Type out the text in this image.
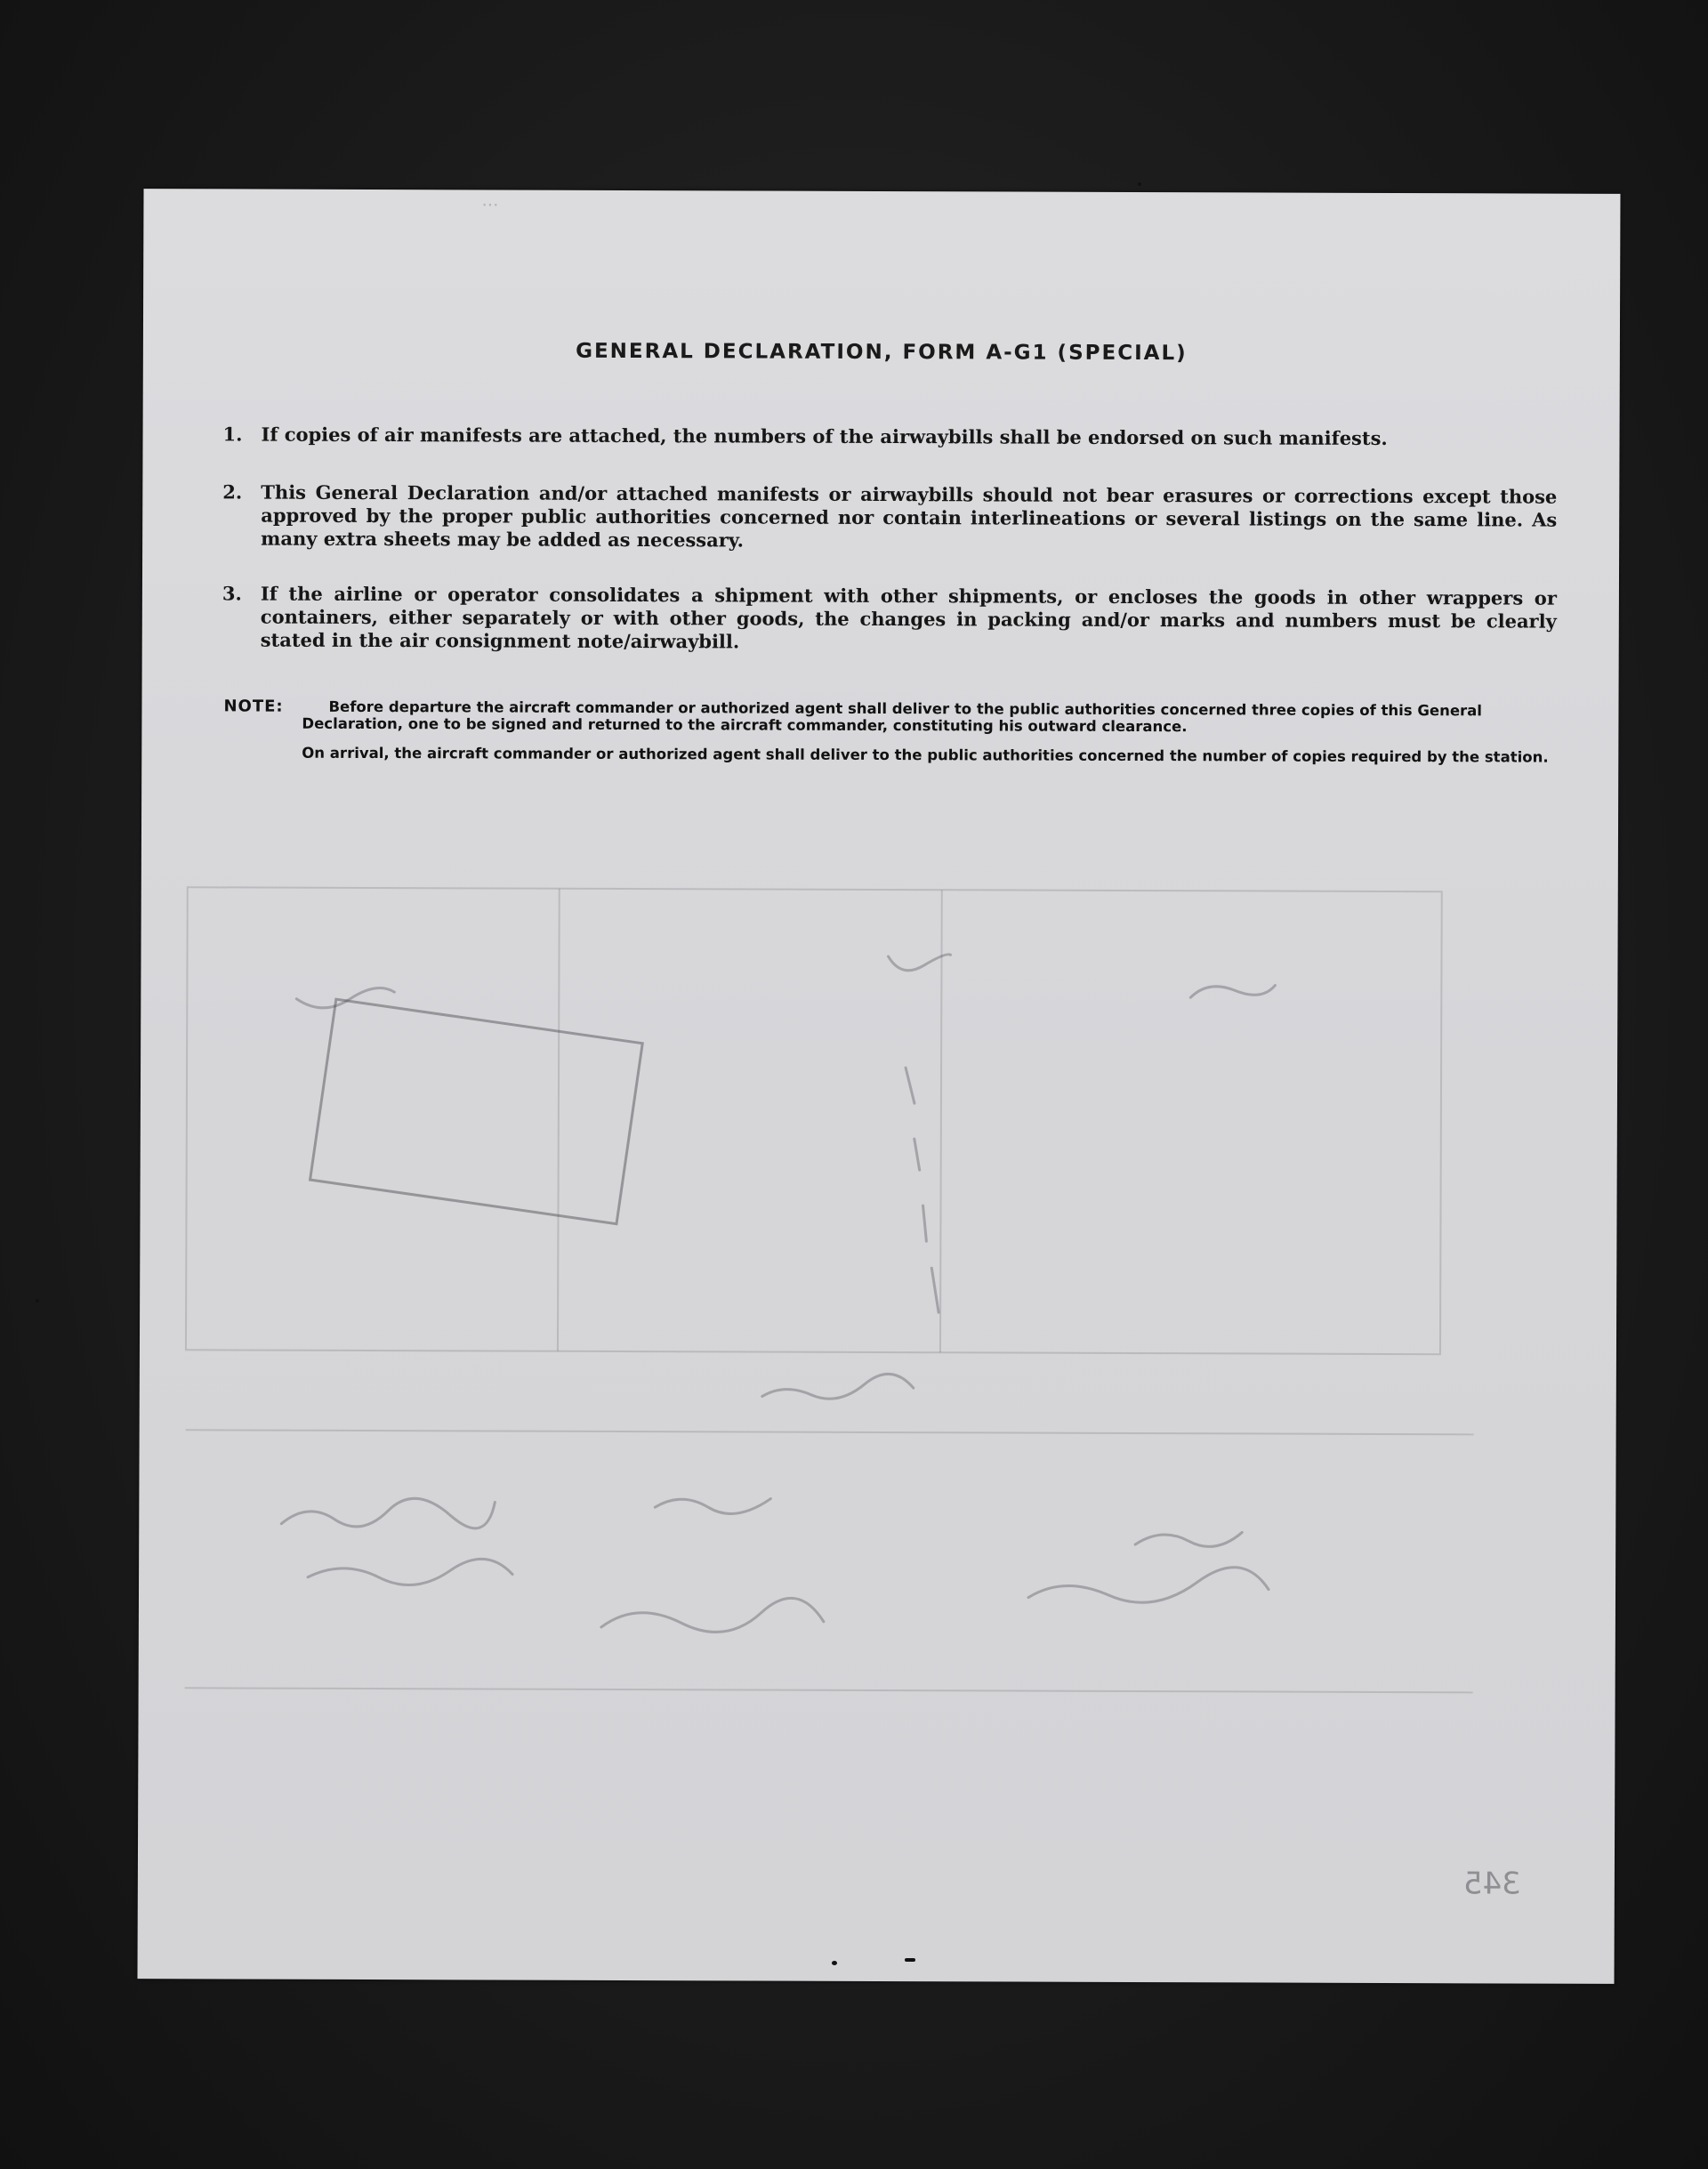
...
345
GENERAL DECLARATION, FORM A-G1 (SPECIAL)
1. If copies of air manifests are attached, the numbers of the airwaybills shall be endorsed on such manifests.
2. This General Declaration and/or attached manifests or airwaybills should not bear erasures or corrections except those approved by the proper public authorities concerned nor contain interlineations or several listings on the same line. As many extra sheets may be added as necessary.
3. If the airline or operator consolidates a shipment with other shipments, or encloses the goods in other wrappers or containers, either separately or with other goods, the changes in packing and/or marks and numbers must be clearly stated in the air consignment note/airwaybill.
NOTE:	Before departure the aircraft commander or authorized agent shall deliver to the public authorities concerned three copies of this General Declaration, one to be signed and returned to the aircraft commander, constituting his outward clearance.
On arrival, the aircraft commander or authorized agent shall deliver to the public authorities concerned the number of copies required by the station.
